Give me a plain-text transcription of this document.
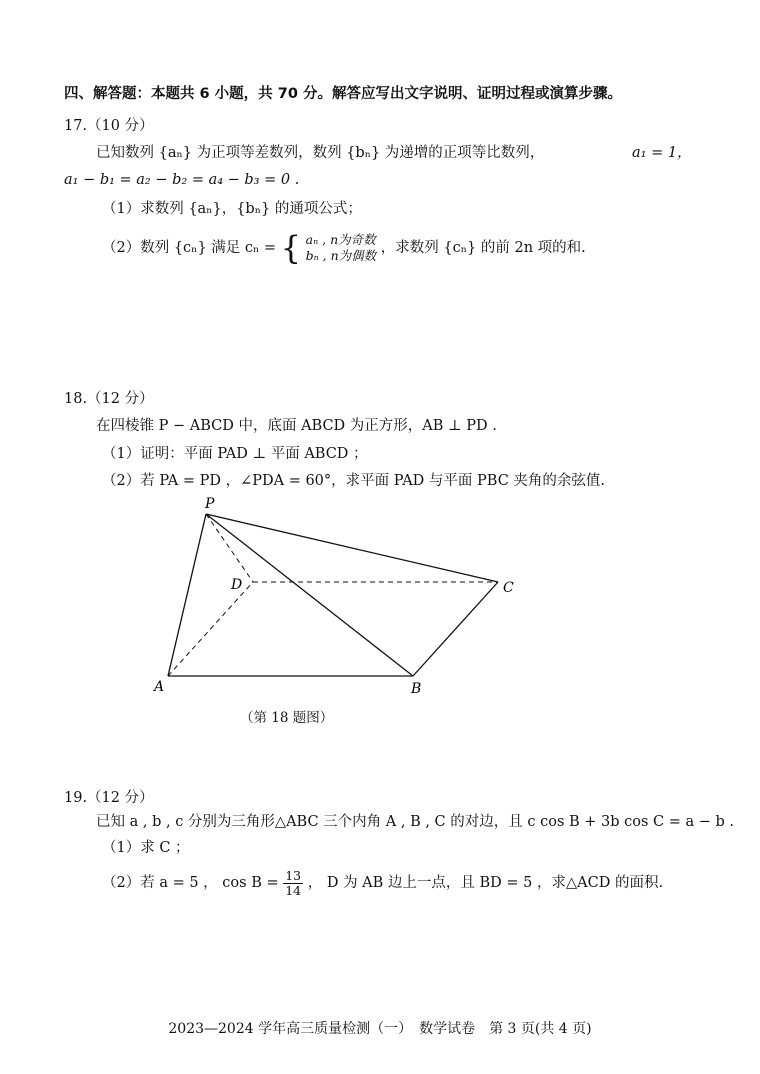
四、解答题：本题共 6 小题，共 70 分。解答应写出文字说明、证明过程或演算步骤。
17.（10 分）
已知数列 {aₙ} 为正项等差数列，数列 {bₙ} 为递增的正项等比数列，	a₁ = 1，
a₁ − b₁ = a₂ − b₂ = a₄ − b₃ = 0 .
（1）求数列 {aₙ}，{bₙ} 的通项公式；
（2）数列 {cₙ} 满足 cₙ = { aₙ , n为奇数
bₙ , n为偶数 ，求数列 {cₙ} 的前 2n 项的和.
18.（12 分）
在四棱锥 P − ABCD 中，底面 ABCD 为正方形，AB ⊥ PD .
（1）证明：平面 PAD ⊥ 平面 ABCD ；
（2）若 PA = PD ，∠PDA = 60°，求平面 PAD 与平面 PBC 夹角的余弦值.
P
A	B
C
D
（第 18 题图）
19.（12 分）
已知 a , b , c 分别为三角形△ABC 三个内角 A , B , C 的对边，且 c cos B + 3b cos C = a − b .
（1）求 C ；
（2）若 a = 5 ， $\cos B = \frac{13}{14}$ ， D 为 AB 边上一点，且 BD = 5 ，求△ACD 的面积.
2023—2024 学年高三质量检测（一）　数学试卷　第 3 页(共 4 页)
